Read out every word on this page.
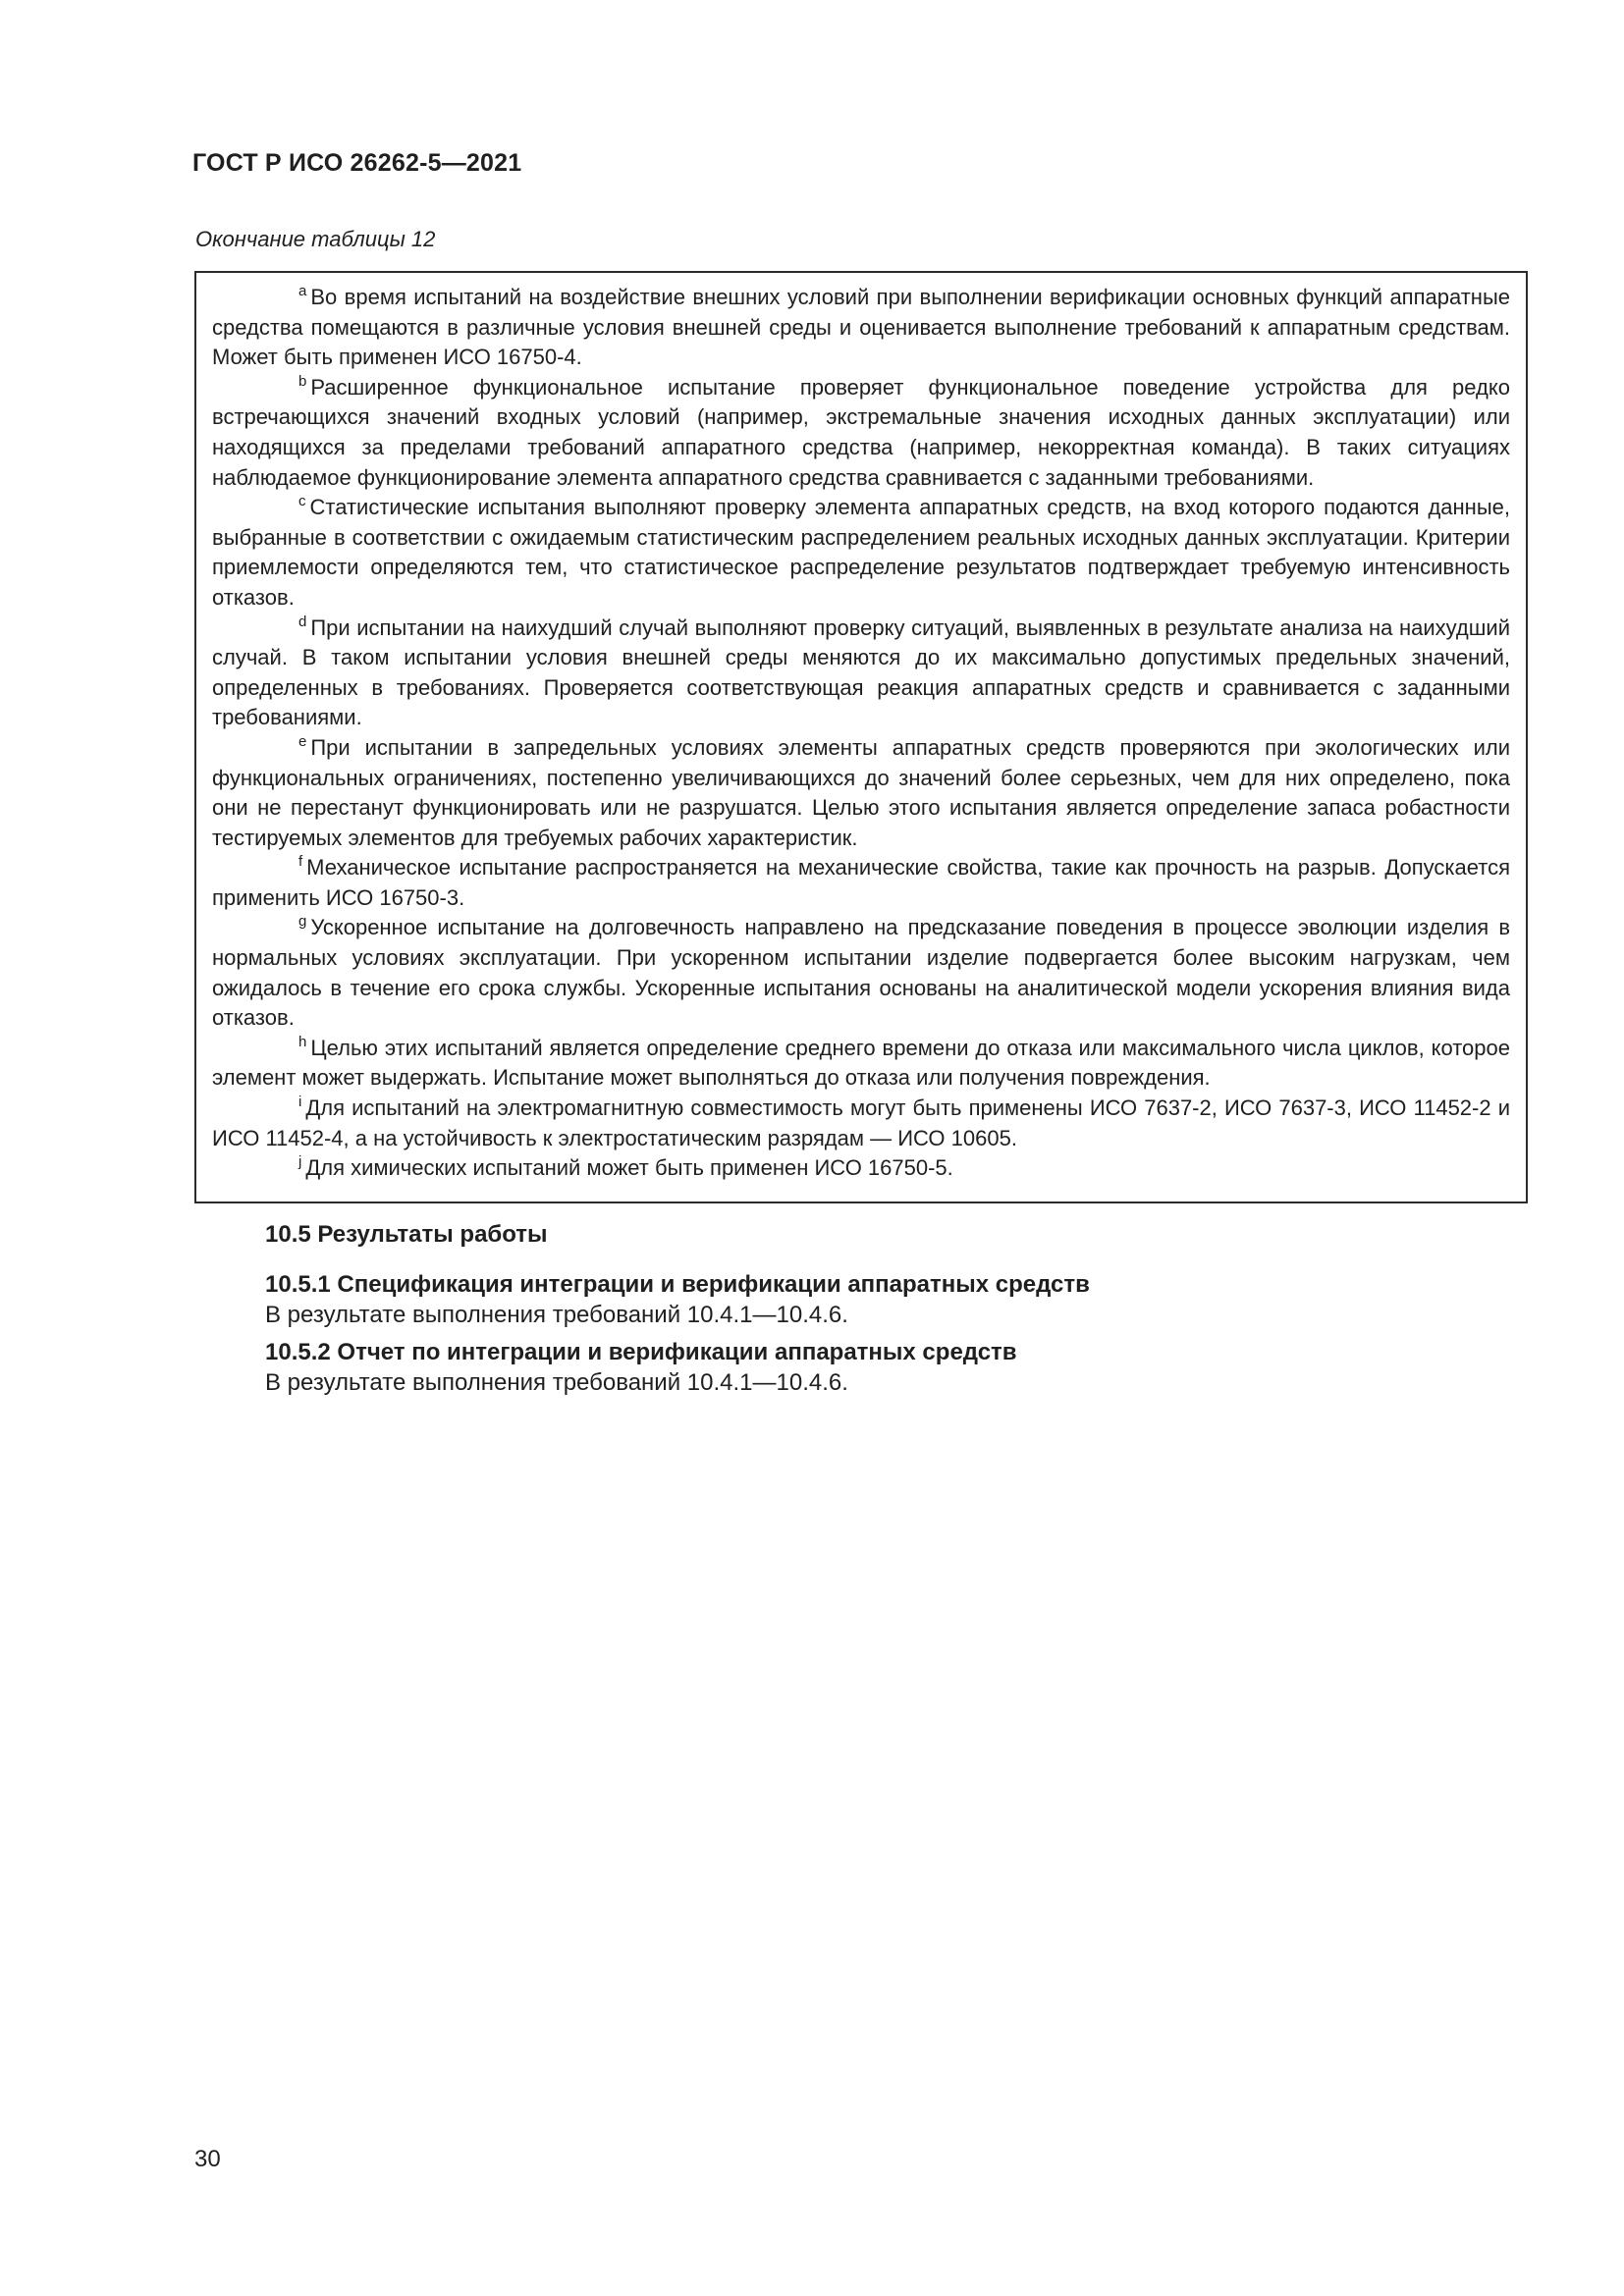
ГОСТ Р ИСО 26262-5—2021
Окончание таблицы 12

$^a$ Во время испытаний на воздействие внешних условий при выполнении верификации основных функций аппаратные средства помещаются в различные условия внешней среды и оценивается выполнение требований к аппаратным средствам. Может быть применен ИСО 16750-4.

$^b$ Расширенное функциональное испытание проверяет функциональное поведение устройства для редко встречающихся значений входных условий (например, экстремальные значения исходных данных эксплуатации) или находящихся за пределами требований аппаратного средства (например, некорректная команда). В таких ситуациях наблюдаемое функционирование элемента аппаратного средства сравнивается с заданными требованиями.

$^c$ Статистические испытания выполняют проверку элемента аппаратных средств, на вход которого подаются данные, выбранные в соответствии с ожидаемым статистическим распределением реальных исходных данных эксплуатации. Критерии приемлемости определяются тем, что статистическое распределение результатов подтверждает требуемую интенсивность отказов.

$^d$ При испытании на наихудший случай выполняют проверку ситуаций, выявленных в результате анализа на наихудший случай. В таком испытании условия внешней среды меняются до их максимально допустимых предельных значений, определенных в требованиях. Проверяется соответствующая реакция аппаратных средств и сравнивается с заданными требованиями.

$^e$ При испытании в запредельных условиях элементы аппаратных средств проверяются при экологических или функциональных ограничениях, постепенно увеличивающихся до значений более серьезных, чем для них определено, пока они не перестанут функционировать или не разрушатся. Целью этого испытания является определение запаса робастности тестируемых элементов для требуемых рабочих характеристик.

$^f$ Механическое испытание распространяется на механические свойства, такие как прочность на разрыв. Допускается применить ИСО 16750-3.

$^g$ Ускоренное испытание на долговечность направлено на предсказание поведения в процессе эволюции изделия в нормальных условиях эксплуатации. При ускоренном испытании изделие подвергается более высоким нагрузкам, чем ожидалось в течение его срока службы. Ускоренные испытания основаны на аналитической модели ускорения влияния вида отказов.

$^h$ Целью этих испытаний является определение среднего времени до отказа или максимального числа циклов, которое элемент может выдержать. Испытание может выполняться до отказа или получения повреждения.

$^i$ Для испытаний на электромагнитную совместимость могут быть применены ИСО 7637-2, ИСО 7637-3, ИСО 11452-2 и ИСО 11452-4, а на устойчивость к электростатическим разрядам — ИСО 10605.

$^j$ Для химических испытаний может быть применен ИСО 16750-5.

10.5 Результаты работы

10.5.1 Спецификация интеграции и верификации аппаратных средств

В результате выполнения требований 10.4.1—10.4.6.

10.5.2 Отчет по интеграции и верификации аппаратных средств

В результате выполнения требований 10.4.1—10.4.6.

30
